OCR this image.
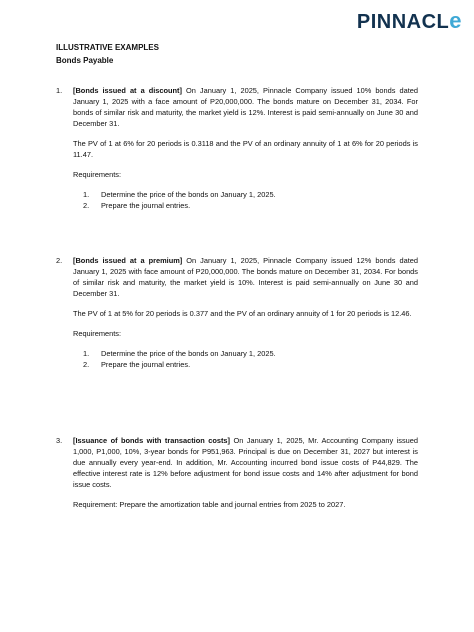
PINNACLe
ILLUSTRATIVE EXAMPLES
Bonds Payable
1. [Bonds issued at a discount] On January 1, 2025, Pinnacle Company issued 10% bonds dated January 1, 2025 with a face amount of P20,000,000. The bonds mature on December 31, 2034. For bonds of similar risk and maturity, the market yield is 12%. Interest is paid semi-annually on June 30 and December 31.

The PV of 1 at 6% for 20 periods is 0.3118 and the PV of an ordinary annuity of 1 at 6% for 20 periods is 11.47.

Requirements:

1. Determine the price of the bonds on January 1, 2025.
2. Prepare the journal entries.
2. [Bonds issued at a premium] On January 1, 2025, Pinnacle Company issued 12% bonds dated January 1, 2025 with face amount of P20,000,000. The bonds mature on December 31, 2034. For bonds of similar risk and maturity, the market yield is 10%. Interest is paid semi-annually on June 30 and December 31.

The PV of 1 at 5% for 20 periods is 0.377 and the PV of an ordinary annuity of 1 for 20 periods is 12.46.

Requirements:

1. Determine the price of the bonds on January 1, 2025.
2. Prepare the journal entries.
3. [Issuance of bonds with transaction costs] On January 1, 2025, Mr. Accounting Company issued 1,000, P1,000, 10%, 3-year bonds for P951,963. Principal is due on December 31, 2027 but interest is due annually every year-end. In addition, Mr. Accounting incurred bond issue costs of P44,829. The effective interest rate is 12% before adjustment for bond issue costs and 14% after adjustment for bond issue costs.

Requirement: Prepare the amortization table and journal entries from 2025 to 2027.
